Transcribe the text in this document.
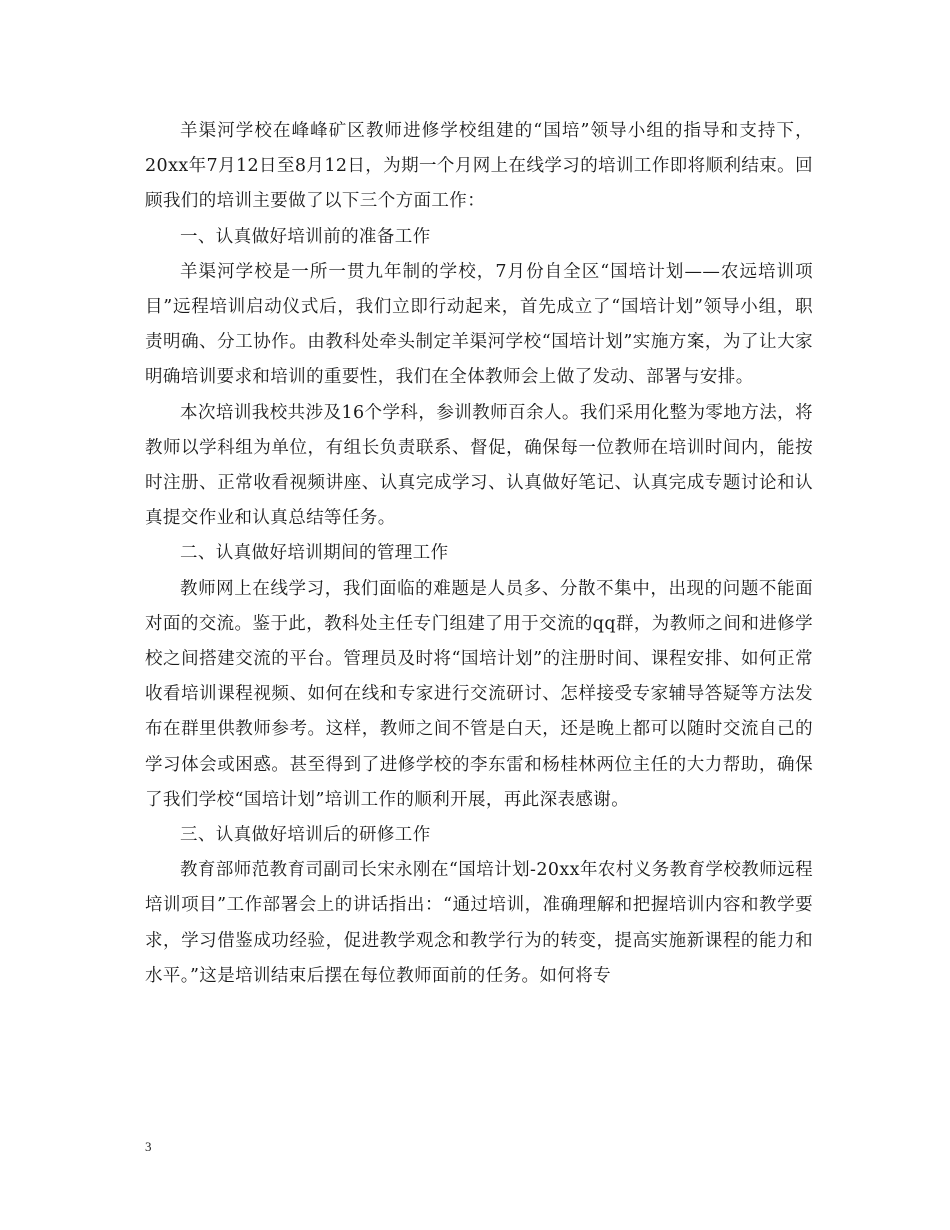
羊渠河学校在峰峰矿区教师进修学校组建的“国培”领导小组的指导和支持下，20xx年7月12日至8月12日，为期一个月网上在线学习的培训工作即将顺利结束。回顾我们的培训主要做了以下三个方面工作：

一、认真做好培训前的准备工作

羊渠河学校是一所一贯九年制的学校，7月份自全区“国培计划——农远培训项目”远程培训启动仪式后，我们立即行动起来，首先成立了“国培计划”领导小组，职责明确、分工协作。由教科处牵头制定羊渠河学校“国培计划”实施方案，为了让大家明确培训要求和培训的重要性，我们在全体教师会上做了发动、部署与安排。

本次培训我校共涉及16个学科，参训教师百余人。我们采用化整为零地方法，将教师以学科组为单位，有组长负责联系、督促，确保每一位教师在培训时间内，能按时注册、正常收看视频讲座、认真完成学习、认真做好笔记、认真完成专题讨论和认真提交作业和认真总结等任务。

二、认真做好培训期间的管理工作

教师网上在线学习，我们面临的难题是人员多、分散不集中，出现的问题不能面对面的交流。鉴于此，教科处主任专门组建了用于交流的qq群，为教师之间和进修学校之间搭建交流的平台。管理员及时将“国培计划”的注册时间、课程安排、如何正常收看培训课程视频、如何在线和专家进行交流研讨、怎样接受专家辅导答疑等方法发布在群里供教师参考。这样，教师之间不管是白天，还是晚上都可以随时交流自己的学习体会或困惑。甚至得到了进修学校的李东雷和杨桂林两位主任的大力帮助，确保了我们学校“国培计划”培训工作的顺利开展，再此深表感谢。

三、认真做好培训后的研修工作

教育部师范教育司副司长宋永刚在“国培计划-20xx年农村义务教育学校教师远程培训项目”工作部署会上的讲话指出：“通过培训，准确理解和把握培训内容和教学要求，学习借鉴成功经验，促进教学观念和教学行为的转变，提高实施新课程的能力和水平。”这是培训结束后摆在每位教师面前的任务。如何将专

3
